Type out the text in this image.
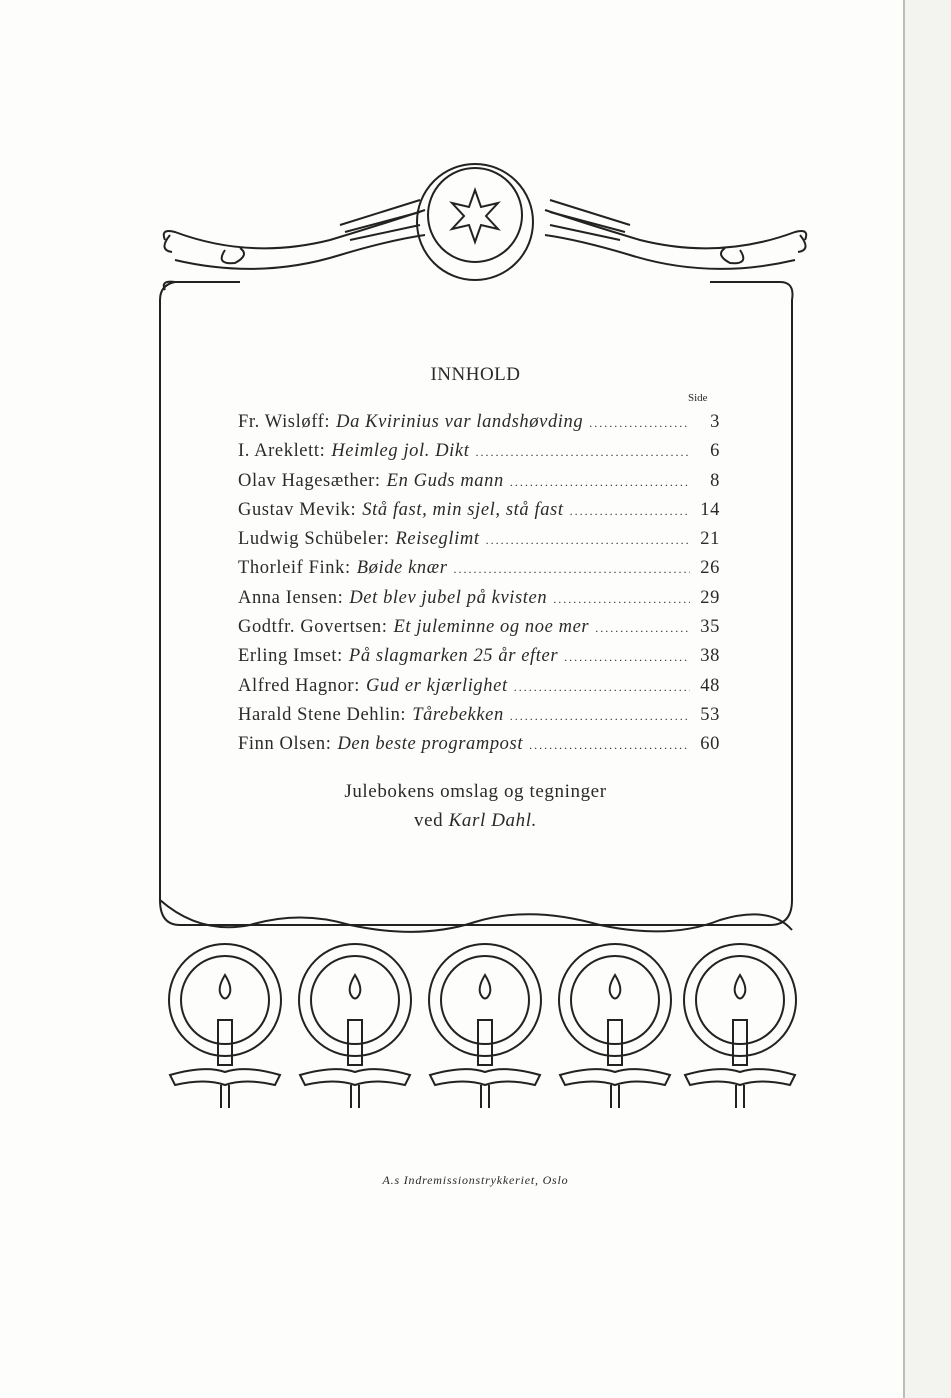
INNHOLD
Side
Fr. Wisløff: Da Kvirinius var landshøvding .....	3
I. Areklett: Heimleg jol. Dikt .....	6
Olav Hagesæther: En Guds mann .....	8
Gustav Mevik: Stå fast, min sjel, stå fast .....	14
Ludwig Schübeler: Reiseglimt .....	21
Thorleif Fink: Bøide knær .....	26
Anna Iensen: Det blev jubel på kvisten .....	29
Godtfr. Govertsen: Et juleminne og noe mer .....	35
Erling Imset: På slagmarken 25 år efter .....	38
Alfred Hagnor: Gud er kjærlighet .....	48
Harald Stene Dehlin: Tårebekken .....	53
Finn Olsen: Den beste programpost .....	60
Julebokens omslag og tegninger
ved Karl Dahl.
A.s Indremissionstrykkeriet, Oslo
